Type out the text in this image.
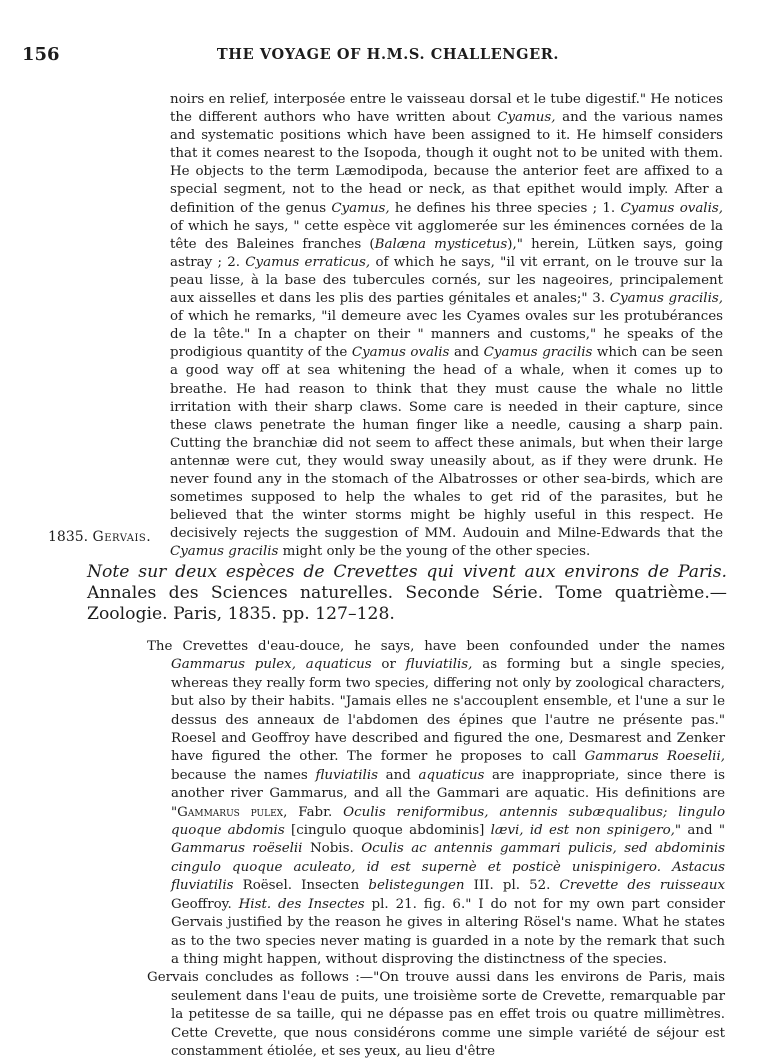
156	THE VOYAGE OF H.M.S. CHALLENGER.

noirs en relief, interposée entre le vaisseau dorsal et le tube digestif." He notices the different authors who have written about Cyamus, and the various names and systematic positions which have been assigned to it. He himself considers that it comes nearest to the Isopoda, though it ought not to be united with them. He objects to the term Læmodipoda, because the anterior feet are affixed to a special segment, not to the head or neck, as that epithet would imply. After a definition of the genus Cyamus, he defines his three species ; 1. Cyamus ovalis, of which he says, " cette espèce vit agglomerée sur les éminences cornées de la tête des Baleines franches (Balæna mysticetus)," herein, Lütken says, going astray ; 2. Cyamus erraticus, of which he says, "il vit errant, on le trouve sur la peau lisse, à la base des tubercules cornés, sur les nageoires, principalement aux aisselles et dans les plis des parties génitales et anales;" 3. Cyamus gracilis, of which he remarks, "il demeure avec les Cyames ovales sur les protubérances de la tête." In a chapter on their " manners and customs," he speaks of the prodigious quantity of the Cyamus ovalis and Cyamus gracilis which can be seen a good way off at sea whitening the head of a whale, when it comes up to breathe. He had reason to think that they must cause the whale no little irritation with their sharp claws. Some care is needed in their capture, since these claws penetrate the human finger like a needle, causing a sharp pain. Cutting the branchiæ did not seem to affect these animals, but when their large antennæ were cut, they would sway uneasily about, as if they were drunk. He never found any in the stomach of the Albatrosses or other sea-birds, which are sometimes supposed to help the whales to get rid of the parasites, but he believed that the winter storms might be highly useful in this respect. He decisively rejects the suggestion of MM. Audouin and Milne-Edwards that the Cyamus gracilis might only be the young of the other species.

1835. Gervais.
Note sur deux espèces de Crevettes qui vivent aux environs de Paris. Annales des Sciences naturelles. Seconde Série. Tome quatrième.—Zoologie. Paris, 1835. pp. 127–128.

The Crevettes d'eau-douce, he says, have been confounded under the names Gammarus pulex, aquaticus or fluviatilis, as forming but a single species, whereas they really form two species, differing not only by zoological characters, but also by their habits. "Jamais elles ne s'accouplent ensemble, et l'une a sur le dessus des anneaux de l'abdomen des épines que l'autre ne présente pas." Roesel and Geoffroy have described and figured the one, Desmarest and Zenker have figured the other. The former he proposes to call Gammarus Roeselii, because the names fluviatilis and aquaticus are inappropriate, since there is another river Gammarus, and all the Gammari are aquatic. His definitions are "Gammarus pulex, Fabr. Oculis reniformibus, antennis subæqualibus; lingulo quoque abdomis [cingulo quoque abdominis] lævi, id est non spinigero," and " Gammarus roëselii Nobis. Oculis ac antennis gammari pulicis, sed abdominis cingulo quoque aculeato, id est supernè et posticè unispinigero. Astacus fluviatilis Roësel. Insecten belistegungen III. pl. 52. Crevette des ruisseaux Geoffroy. Hist. des Insectes pl. 21. fig. 6." I do not for my own part consider Gervais justified by the reason he gives in altering Rösel's name. What he states as to the two species never mating is guarded in a note by the remark that such a thing might happen, without disproving the distinctness of the species.

Gervais concludes as follows :—"On trouve aussi dans les environs de Paris, mais seulement dans l'eau de puits, une troisième sorte de Crevette, remarquable par la petitesse de sa taille, qui ne dépasse pas en effet trois ou quatre millimètres. Cette Crevette, que nous considérons comme une simple variété de séjour est constamment étiolée, et ses yeux, au lieu d'être
